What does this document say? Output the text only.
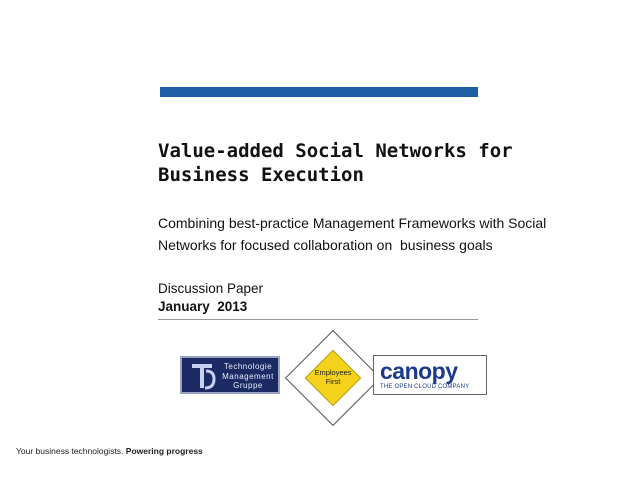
Value-added Social Networks for
Business Execution
Combining best-practice Management Frameworks with Social
Networks for focused collaboration on  business goals
Discussion Paper
January  2013
Technologie
Management
Gruppe
Employees
First	canopy
THE OPEN CLOUD COMPANY
Your business technologists. Powering progress
